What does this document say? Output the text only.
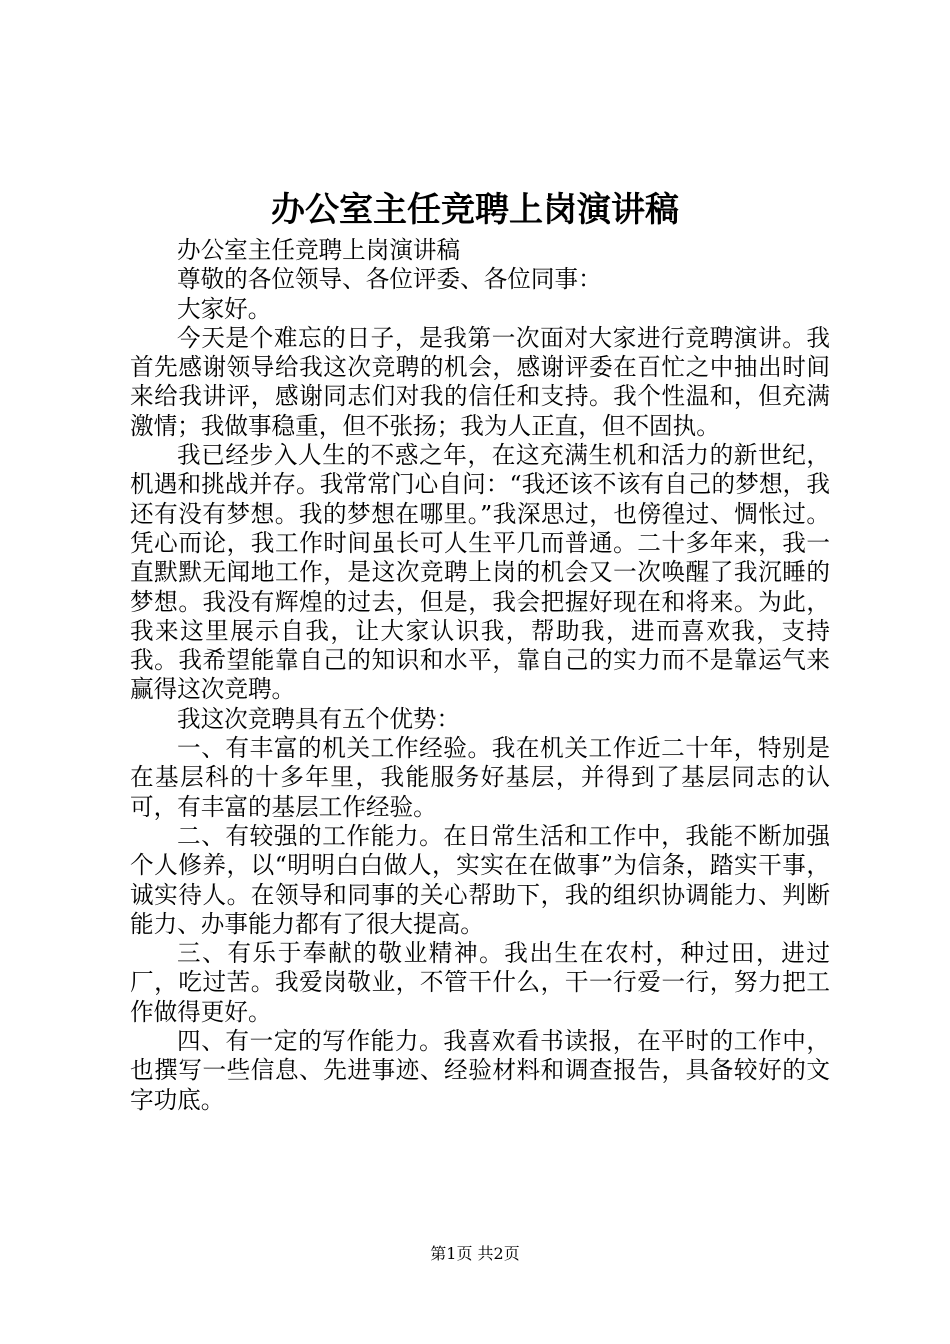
办公室主任竞聘上岗演讲稿

办公室主任竞聘上岗演讲稿

尊敬的各位领导、各位评委、各位同事：

大家好。

今天是个难忘的日子，是我第一次面对大家进行竞聘演讲。我首先感谢领导给我这次竞聘的机会，感谢评委在百忙之中抽出时间来给我讲评，感谢同志们对我的信任和支持。我个性温和，但充满激情；我做事稳重，但不张扬；我为人正直，但不固执。

我已经步入人生的不惑之年，在这充满生机和活力的新世纪，机遇和挑战并存。我常常门心自问：“我还该不该有自己的梦想，我还有没有梦想。我的梦想在哪里。”我深思过，也傍徨过、惆怅过。凭心而论，我工作时间虽长可人生平几而普通。二十多年来，我一直默默无闻地工作，是这次竞聘上岗的机会又一次唤醒了我沉睡的梦想。我没有辉煌的过去，但是，我会把握好现在和将来。为此，我来这里展示自我，让大家认识我，帮助我，进而喜欢我，支持我。我希望能靠自己的知识和水平，靠自己的实力而不是靠运气来赢得这次竞聘。

我这次竞聘具有五个优势：

一、有丰富的机关工作经验。我在机关工作近二十年，特别是在基层科的十多年里，我能服务好基层，并得到了基层同志的认可，有丰富的基层工作经验。

二、有较强的工作能力。在日常生活和工作中，我能不断加强个人修养，以“明明白白做人，实实在在做事”为信条，踏实干事，诚实待人。在领导和同事的关心帮助下，我的组织协调能力、判断能力、办事能力都有了很大提高。

三、有乐于奉献的敬业精神。我出生在农村，种过田，进过厂，吃过苦。我爱岗敬业，不管干什么，干一行爱一行，努力把工作做得更好。

四、有一定的写作能力。我喜欢看书读报，在平时的工作中，也撰写一些信息、先进事迹、经验材料和调查报告，具备较好的文字功底。

第1页 共2页
